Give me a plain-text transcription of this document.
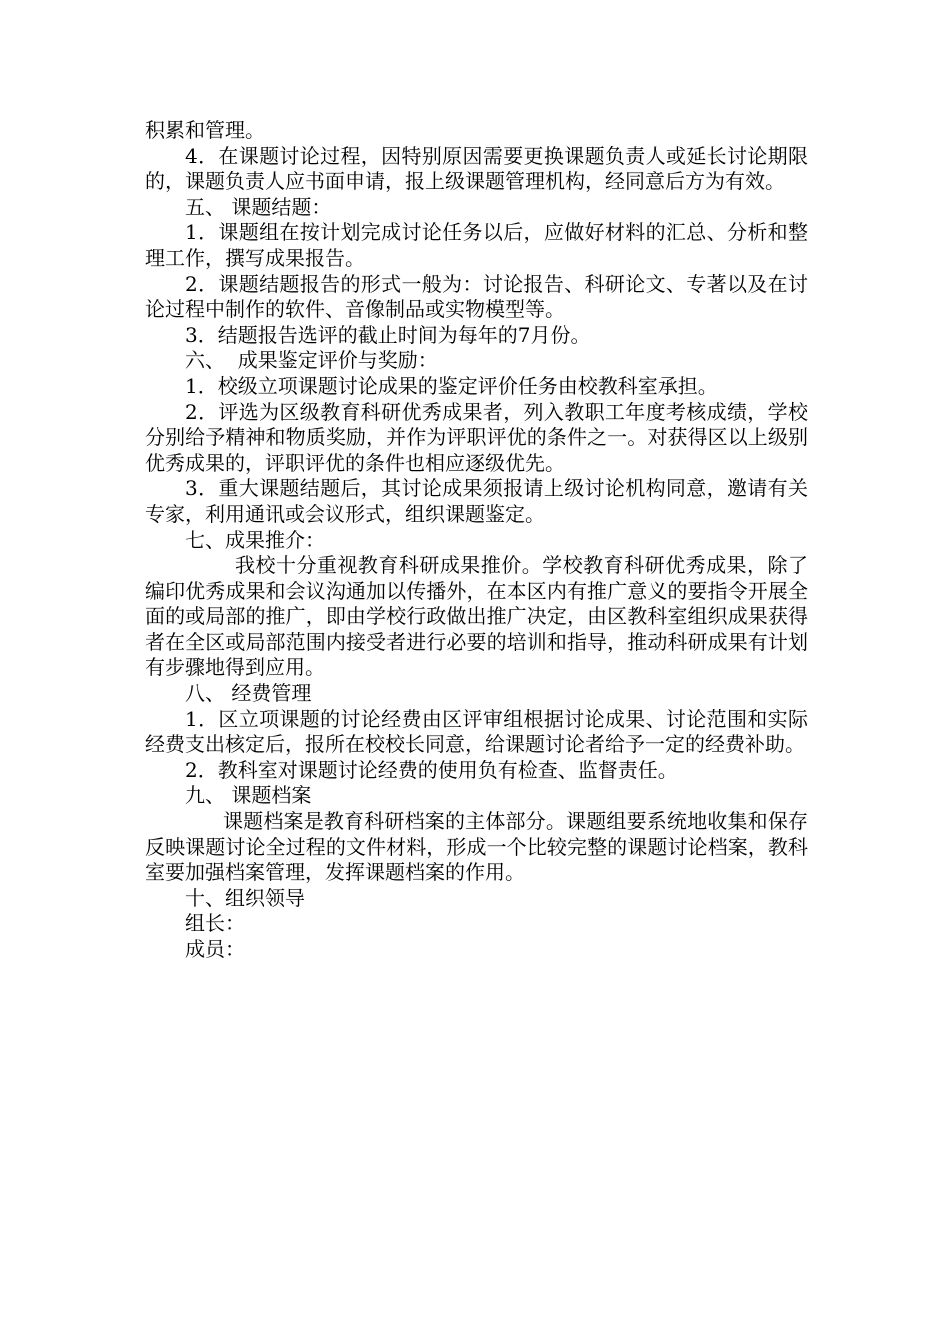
积累和管理。

4．在课题讨论过程，因特别原因需要更换课题负责人或延长讨论期限的，课题负责人应书面申请，报上级课题管理机构，经同意后方为有效。

五、 课题结题：

1．课题组在按计划完成讨论任务以后，应做好材料的汇总、分析和整理工作，撰写成果报告。

2．课题结题报告的形式一般为：讨论报告、科研论文、专著以及在讨论过程中制作的软件、音像制品或实物模型等。

3．结题报告选评的截止时间为每年的7月份。

六、  成果鉴定评价与奖励：

1．校级立项课题讨论成果的鉴定评价任务由校教科室承担。

2．评选为区级教育科研优秀成果者，列入教职工年度考核成绩，学校分别给予精神和物质奖励，并作为评职评优的条件之一。对获得区以上级别优秀成果的，评职评优的条件也相应逐级优先。

3．重大课题结题后，其讨论成果须报请上级讨论机构同意，邀请有关专家，利用通讯或会议形式，组织课题鉴定。

七、成果推介：

我校十分重视教育科研成果推价。学校教育科研优秀成果，除了编印优秀成果和会议沟通加以传播外，在本区内有推广意义的要指令开展全面的或局部的推广，即由学校行政做出推广决定，由区教科室组织成果获得者在全区或局部范围内接受者进行必要的培训和指导，推动科研成果有计划有步骤地得到应用。

八、 经费管理

1．区立项课题的讨论经费由区评审组根据讨论成果、讨论范围和实际经费支出核定后，报所在校校长同意，给课题讨论者给予一定的经费补助。

2．教科室对课题讨论经费的使用负有检查、监督责任。

九、 课题档案

课题档案是教育科研档案的主体部分。课题组要系统地收集和保存反映课题讨论全过程的文件材料，形成一个比较完整的课题讨论档案，教科室要加强档案管理，发挥课题档案的作用。

十、组织领导

组长：

成员：
